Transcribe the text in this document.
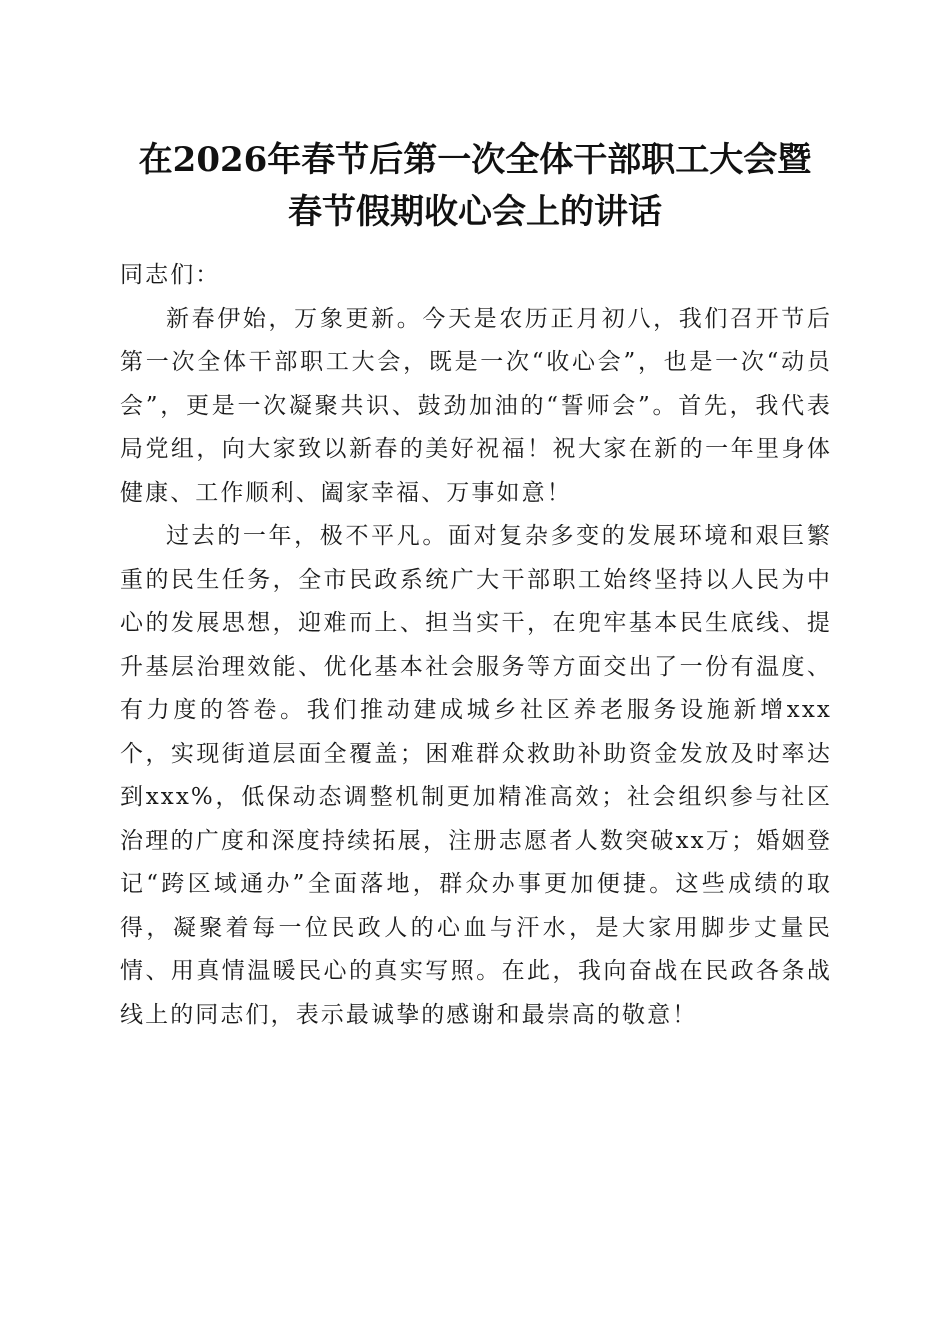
在2026年春节后第一次全体干部职工大会暨
春节假期收心会上的讲话

同志们：

新春伊始，万象更新。今天是农历正月初八，我们召开节后第一次全体干部职工大会，既是一次“收心会”，也是一次“动员会”，更是一次凝聚共识、鼓劲加油的“誓师会”。首先，我代表局党组，向大家致以新春的美好祝福！祝大家在新的一年里身体健康、工作顺利、阖家幸福、万事如意！

过去的一年，极不平凡。面对复杂多变的发展环境和艰巨繁重的民生任务，全市民政系统广大干部职工始终坚持以人民为中心的发展思想，迎难而上、担当实干，在兜牢基本民生底线、提升基层治理效能、优化基本社会服务等方面交出了一份有温度、有力度的答卷。我们推动建成城乡社区养老服务设施新增xxx个，实现街道层面全覆盖；困难群众救助补助资金发放及时率达到xxx%，低保动态调整机制更加精准高效；社会组织参与社区治理的广度和深度持续拓展，注册志愿者人数突破xx万；婚姻登记“跨区域通办”全面落地，群众办事更加便捷。这些成绩的取得，凝聚着每一位民政人的心血与汗水，是大家用脚步丈量民情、用真情温暖民心的真实写照。在此，我向奋战在民政各条战线上的同志们，表示最诚挚的感谢和最崇高的敬意！
